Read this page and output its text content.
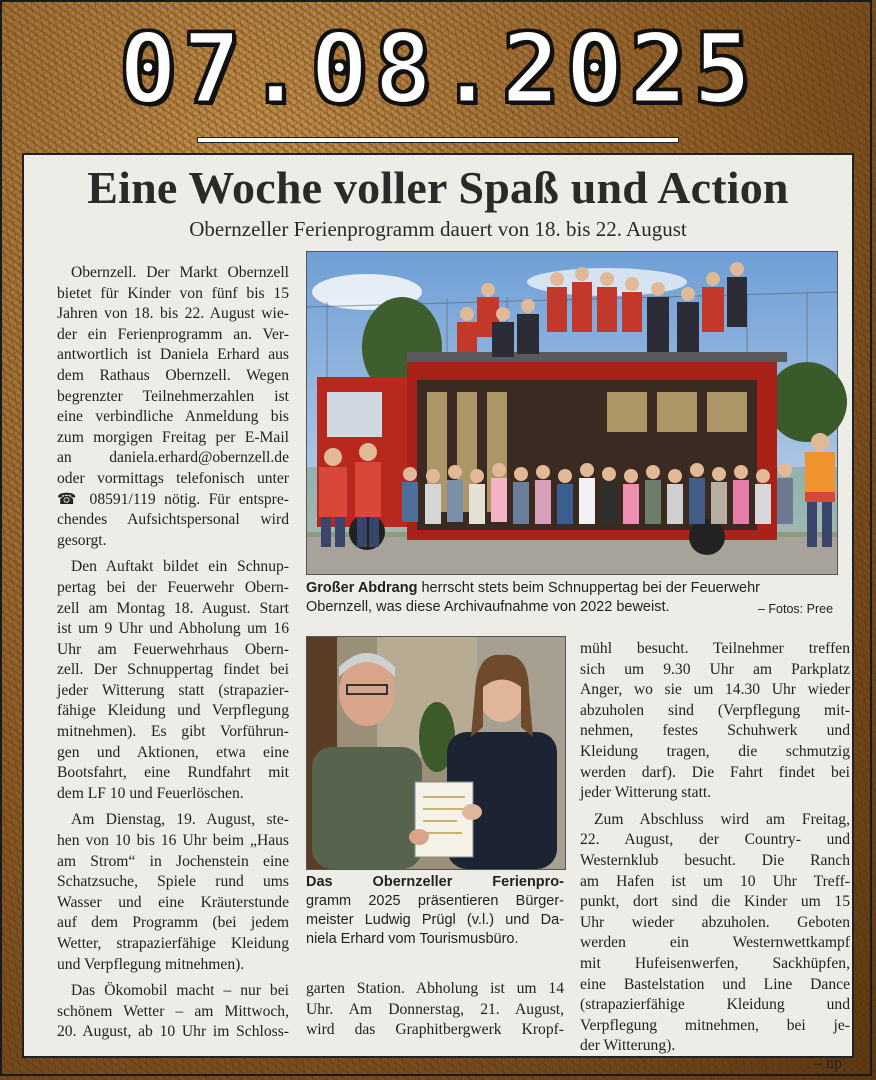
07.08.2025
Eine Woche voller Spaß und Action
Obernzeller Ferienprogramm dauert von 18. bis 22. August
Obernzell. Der Markt Obernzell
bietet für Kinder von fünf bis 15
Jahren von 18. bis 22. August wie-
der ein Ferienprogramm an. Ver-
antwortlich ist Daniela Erhard aus
dem Rathaus Obernzell. Wegen
begrenzter Teilnehmerzahlen ist
eine verbindliche Anmeldung bis
zum morgigen Freitag per E-Mail
an daniela.erhard@obernzell.de
oder vormittags telefonisch unter
☎ 08591/119 nötig. Für entspre-
chendes Aufsichtspersonal wird
gesorgt.
Den Auftakt bildet ein Schnup-
pertag bei der Feuerwehr Obern-
zell am Montag 18. August. Start
ist um 9 Uhr und Abholung um 16
Uhr am Feuerwehrhaus Obern-
zell. Der Schnuppertag findet bei
jeder Witterung statt (strapazier-
fähige Kleidung und Verpflegung
mitnehmen). Es gibt Vorführun-
gen und Aktionen, etwa eine
Bootsfahrt, eine Rundfahrt mit
dem LF 10 und Feuerlöschen.
Am Dienstag, 19. August, ste-
hen von 10 bis 16 Uhr beim „Haus
am Strom“ in Jochenstein eine
Schatzsuche, Spiele rund ums
Wasser und eine Kräuterstunde
auf dem Programm (bei jedem
Wetter, strapazierfähige Kleidung
und Verpflegung mitnehmen).
Das Ökomobil macht – nur bei
schönem Wetter – am Mittwoch,
20. August, ab 10 Uhr im Schloss-
Großer Abdrang herrscht stets beim Schnuppertag bei der Feuerwehr
Obernzell, was diese Archivaufnahme von 2022 beweist.	– Fotos: Pree
Das Obernzeller Ferienpro-
gramm 2025 präsentieren Bürger-
meister Ludwig Prügl (v.l.) und Da-
niela Erhard vom Tourismusbüro.
garten Station. Abholung ist um 14
Uhr. Am Donnerstag, 21. August,
wird das Graphitbergwerk Kropf-
mühl besucht. Teilnehmer treffen
sich um 9.30 Uhr am Parkplatz
Anger, wo sie um 14.30 Uhr wieder
abzuholen sind (Verpflegung mit-
nehmen, festes Schuhwerk und
Kleidung tragen, die schmutzig
werden darf). Die Fahrt findet bei
jeder Witterung statt.
Zum Abschluss wird am Freitag,
22. August, der Country- und
Westernklub besucht. Die Ranch
am Hafen ist um 10 Uhr Treff-
punkt, dort sind die Kinder um 15
Uhr wieder abzuholen. Geboten
werden ein Westernwettkampf
mit Hufeisenwerfen, Sackhüpfen,
eine Bastelstation und Line Dance
(strapazierfähige Kleidung und
Verpflegung mitnehmen, bei je-
der Witterung).
– np
